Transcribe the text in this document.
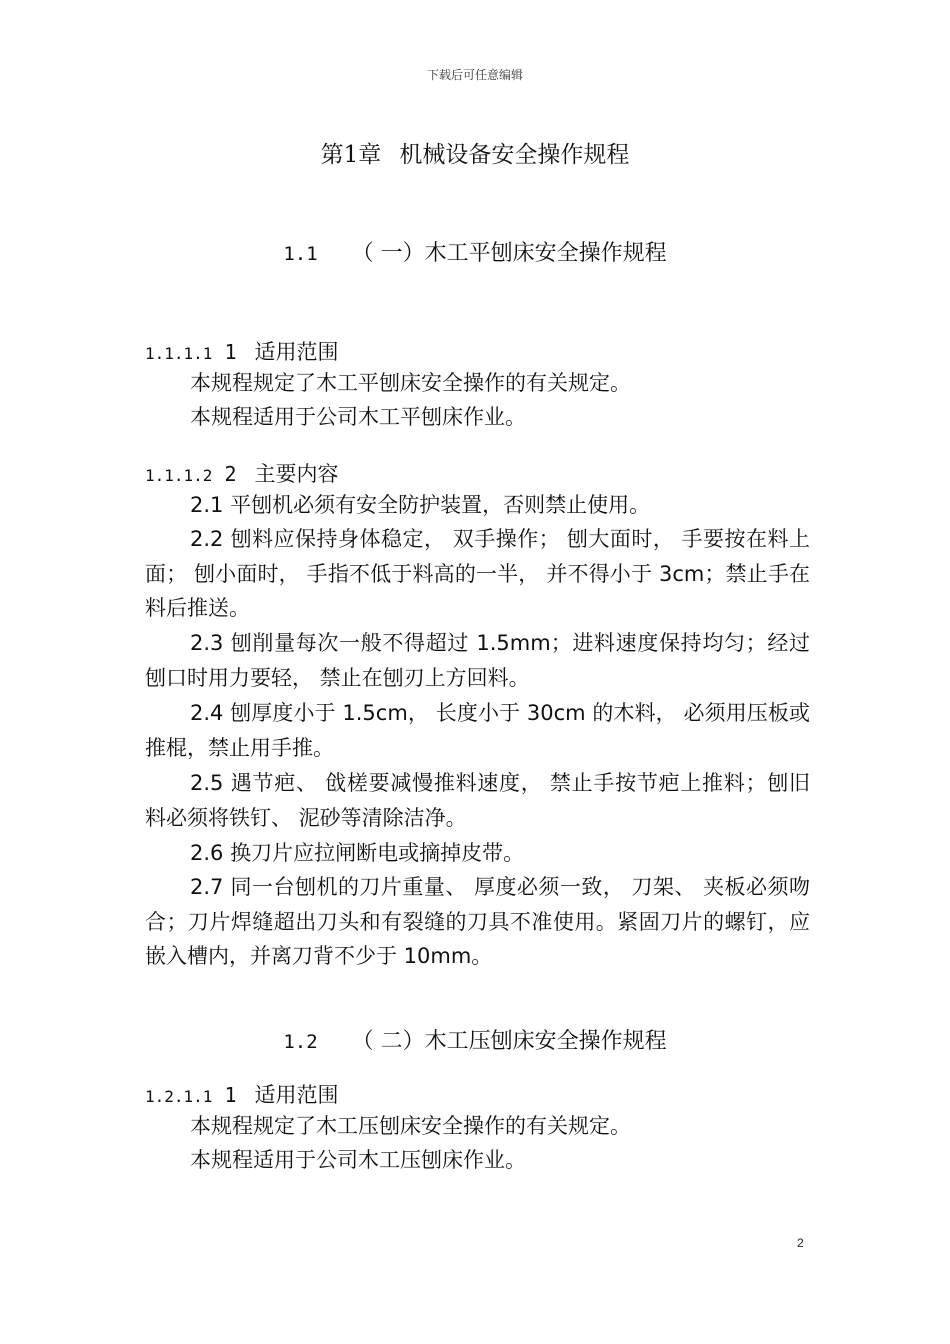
下载后可任意编辑
第1章 机械设备安全操作规程
1.1 （ 一）木工平刨床安全操作规程
1.1.1.1 1 适用范围

本规程规定了木工平刨床安全操作的有关规定。

本规程适用于公司木工平刨床作业。

1.1.1.2 2 主要内容

2.1 平刨机必须有安全防护装置，否则禁止使用。

2.2 刨料应保持身体稳定， 双手操作； 刨大面时， 手要按在料上面； 刨小面时， 手指不低于料高的一半， 并不得小于 3cm；禁止手在料后推送。

2.3 刨削量每次一般不得超过 1.5mm；进料速度保持均匀；经过刨口时用力要轻， 禁止在刨刃上方回料。

2.4 刨厚度小于 1.5cm， 长度小于 30cm 的木料， 必须用压板或推棍，禁止用手推。

2.5 遇节疤、 戗槎要减慢推料速度， 禁止手按节疤上推料；刨旧料必须将铁钉、 泥砂等清除洁净。

2.6 换刀片应拉闸断电或摘掉皮带。

2.7 同一台刨机的刀片重量、 厚度必须一致， 刀架、 夹板必须吻合；刀片焊缝超出刀头和有裂缝的刀具不准使用。紧固刀片的螺钉，应嵌入槽内，并离刀背不少于 10mm。

1.2 （ 二）木工压刨床安全操作规程
1.2.1.1 1 适用范围

本规程规定了木工压刨床安全操作的有关规定。

本规程适用于公司木工压刨床作业。

2
